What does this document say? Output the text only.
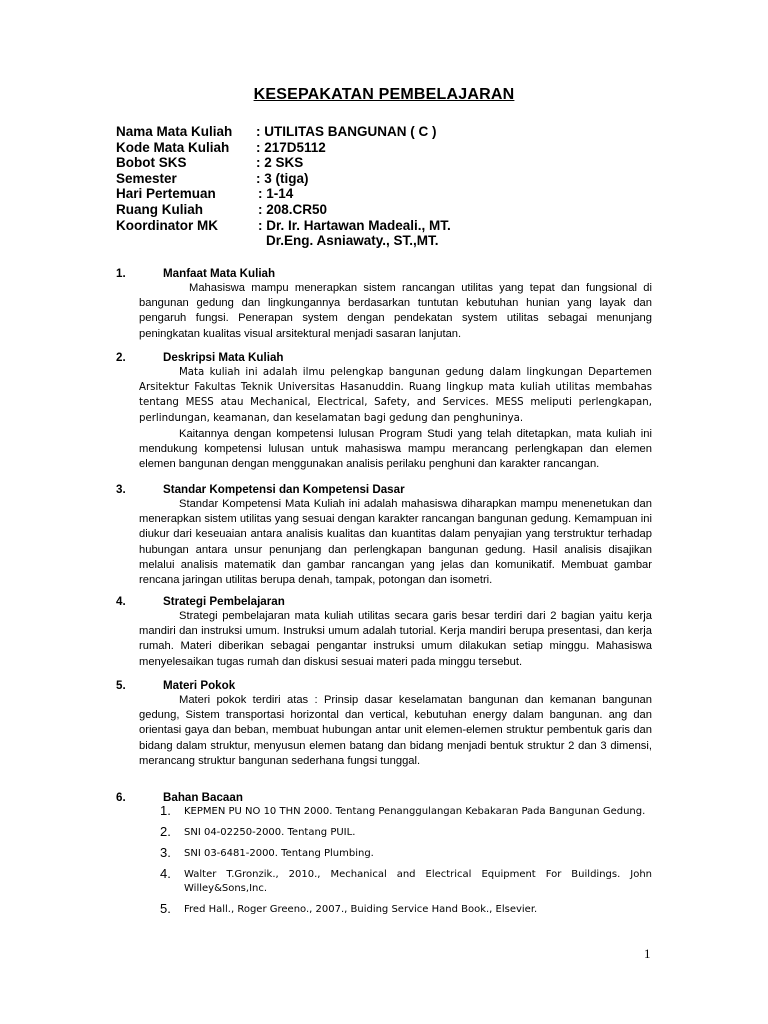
KESEPAKATAN PEMBELAJARAN
Nama Mata Kuliah : UTILITAS BANGUNAN ( C )
Kode Mata Kuliah : 217D5112
Bobot SKS	: 2 SKS
Semester	: 3 (tiga)
Hari Pertemuan	: 1-14
Ruang Kuliah	: 208.CR50
Koordinator MK	: Dr. Ir. Hartawan Madeali., MT.
Dr.Eng. Asniawaty., ST.,MT.
1.	Manfaat Mata Kuliah

Mahasiswa mampu menerapkan sistem rancangan utilitas yang tepat dan fungsional di bangunan gedung dan lingkungannya berdasarkan tuntutan kebutuhan hunian yang layak dan pengaruh fungsi. Penerapan system dengan pendekatan system utilitas sebagai menunjang peningkatan kualitas visual arsitektural menjadi sasaran lanjutan.

2.	Deskripsi Mata Kuliah

Mata kuliah ini adalah ilmu pelengkap bangunan gedung dalam lingkungan Departemen Arsitektur Fakultas Teknik Universitas Hasanuddin. Ruang lingkup mata kuliah utilitas membahas tentang MESS atau Mechanical, Electrical, Safety, and Services. MESS meliputi perlengkapan, perlindungan, keamanan, dan keselamatan bagi gedung dan penghuninya.

Kaitannya dengan kompetensi lulusan Program Studi yang telah ditetapkan, mata kuliah ini mendukung kompetensi lulusan untuk mahasiswa mampu merancang perlengkapan dan elemen elemen bangunan dengan menggunakan analisis perilaku penghuni dan karakter rancangan.

3.	Standar Kompetensi dan Kompetensi Dasar

Standar Kompetensi Mata Kuliah ini adalah mahasiswa diharapkan mampu menenetukan dan menerapkan sistem utilitas yang sesuai dengan karakter rancangan bangunan gedung. Kemampuan ini diukur dari keseuaian antara analisis kualitas dan kuantitas dalam penyajian yang terstruktur terhadap hubungan antara unsur penunjang dan perlengkapan bangunan gedung. Hasil analisis disajikan melalui analisis matematik dan gambar rancangan yang jelas dan komunikatif. Membuat gambar rencana jaringan utilitas berupa denah, tampak, potongan dan isometri.

4.	Strategi Pembelajaran

Strategi pembelajaran mata kuliah utilitas secara garis besar terdiri dari 2 bagian yaitu kerja mandiri dan instruksi umum. Instruksi umum adalah tutorial. Kerja mandiri berupa presentasi, dan kerja rumah. Materi diberikan sebagai pengantar instruksi umum dilakukan setiap minggu. Mahasiswa menyelesaikan tugas rumah dan diskusi sesuai materi pada minggu tersebut.

5.	Materi Pokok

Materi pokok terdiri atas : Prinsip dasar keselamatan bangunan dan kemanan bangunan gedung, Sistem transportasi horizontal dan vertical, kebutuhan energy dalam bangunan. ang dan orientasi gaya dan beban, membuat hubungan antar unit elemen-elemen struktur pembentuk garis dan bidang dalam struktur, menyusun elemen batang dan bidang menjadi bentuk struktur 2 dan 3 dimensi, merancang struktur bangunan sederhana fungsi tunggal.

6.	Bahan Bacaan
1. KEPMEN PU NO 10 THN 2000. Tentang Penanggulangan Kebakaran Pada Bangunan Gedung.
2. SNI 04-02250-2000. Tentang PUIL.
3. SNI 03-6481-2000. Tentang Plumbing.
4. Walter T.Gronzik., 2010., Mechanical and Electrical Equipment For Buildings. John Willey&Sons,Inc.
5. Fred Hall., Roger Greeno., 2007., Buiding Service Hand Book., Elsevier.
1
